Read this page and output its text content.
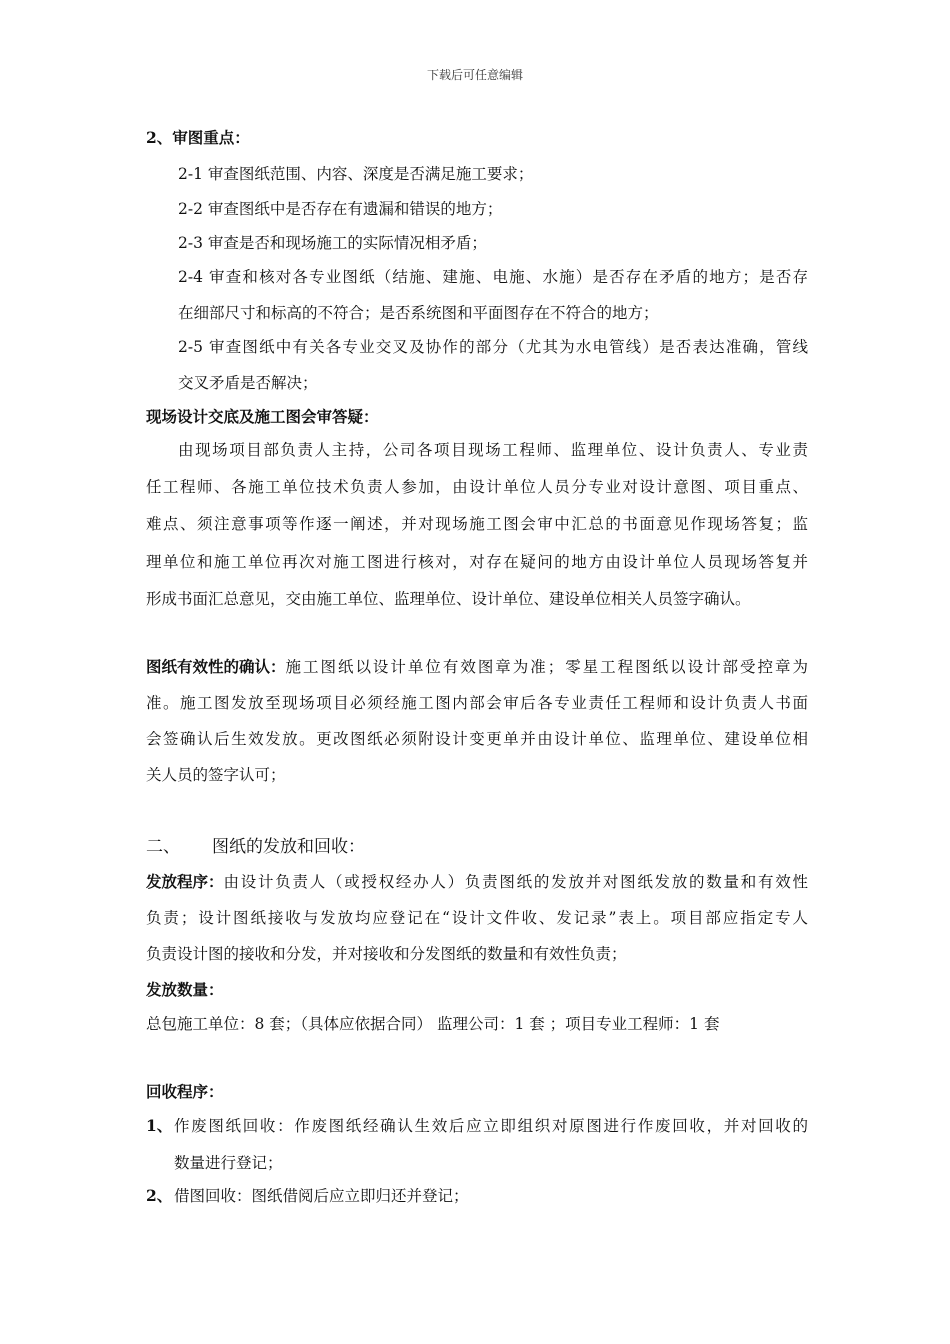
下载后可任意编辑
2、审图重点：
2-1 审查图纸范围、内容、深度是否满足施工要求；
2-2 审查图纸中是否存在有遗漏和错误的地方；
2-3 审查是否和现场施工的实际情况相矛盾；
2-4 审查和核对各专业图纸（结施、建施、电施、水施）是否存在矛盾的地方；是否存
在细部尺寸和标高的不符合；是否系统图和平面图存在不符合的地方；
2-5 审查图纸中有关各专业交叉及协作的部分（尤其为水电管线）是否表达准确，管线
交叉矛盾是否解决；
现场设计交底及施工图会审答疑：
由现场项目部负责人主持，公司各项目现场工程师、监理单位、设计负责人、专业责
任工程师、各施工单位技术负责人参加，由设计单位人员分专业对设计意图、项目重点、
难点、须注意事项等作逐一阐述，并对现场施工图会审中汇总的书面意见作现场答复；监
理单位和施工单位再次对施工图进行核对，对存在疑问的地方由设计单位人员现场答复并
形成书面汇总意见，交由施工单位、监理单位、设计单位、建设单位相关人员签字确认。
图纸有效性的确认： 施工图纸以设计单位有效图章为准；零星工程图纸以设计部受控章为
准。施工图发放至现场项目必须经施工图内部会审后各专业责任工程师和设计负责人书面
会签确认后生效发放。更改图纸必须附设计变更单并由设计单位、监理单位、建设单位相
关人员的签字认可；
二、 图纸的发放和回收：
发放程序： 由设计负责人（或授权经办人）负责图纸的发放并对图纸发放的数量和有效性
负责；设计图纸接收与发放均应登记在“设计文件收、发记录”表上。项目部应指定专人
负责设计图的接收和分发，并对接收和分发图纸的数量和有效性负责；
发放数量：
总包施工单位：8 套；（具体应依据合同） 监理公司：1 套 ；项目专业工程师：1 套
回收程序：
1、 作废图纸回收：作废图纸经确认生效后应立即组织对原图进行作废回收，并对回收的
数量进行登记；
2、 借图回收：图纸借阅后应立即归还并登记；
